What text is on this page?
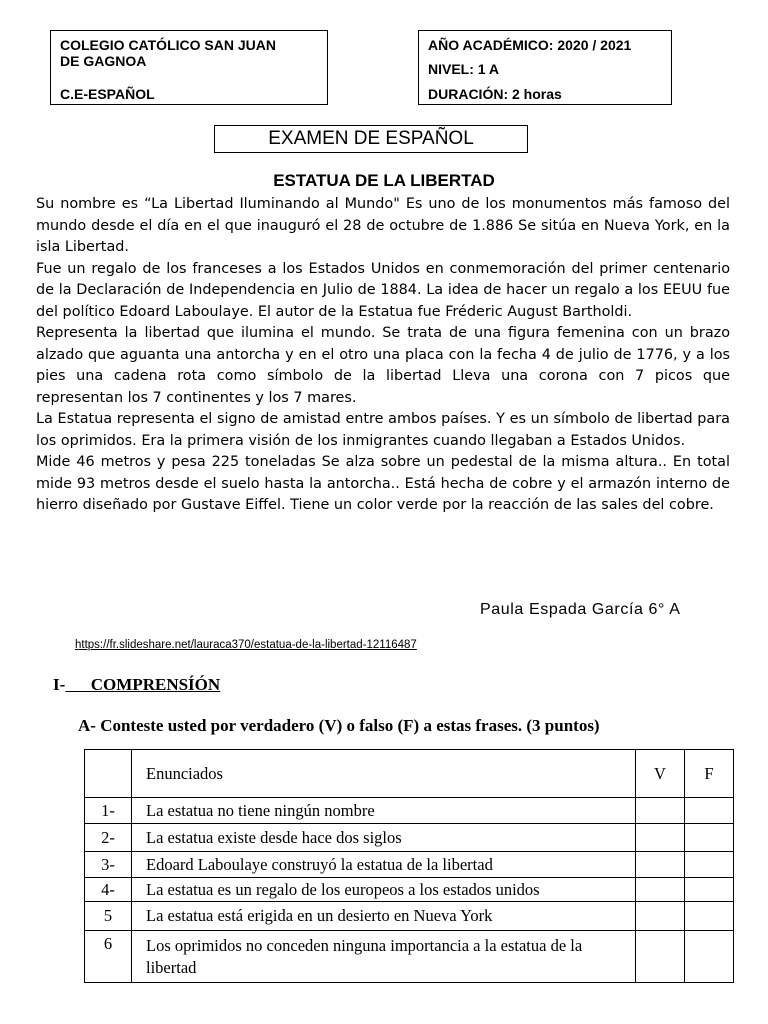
COLEGIO CATÓLICO SAN JUAN
DE GAGNOA
C.E-ESPAÑOL
AÑO ACADÉMICO: 2020 / 2021
NIVEL: 1 A
DURACIÓN: 2 horas
EXAMEN DE ESPAÑOL
ESTATUA DE LA LIBERTAD

Su nombre es “La Libertad Iluminando al Mundo" Es uno de los monumentos más famoso del mundo desde el día en el que inauguró el 28 de octubre de 1.886 Se sitúa en Nueva York, en la isla Libertad.

Fue un regalo de los franceses a los Estados Unidos en conmemoración del primer centenario de la Declaración de Independencia en Julio de 1884. La idea de hacer un regalo a los EEUU fue del político Edoard Laboulaye. El autor de la Estatua fue Fréderic August Bartholdi.

Representa la libertad que ilumina el mundo. Se trata de una figura femenina con un brazo alzado que aguanta una antorcha y en el otro una placa con la fecha 4 de julio de 1776, y a los pies una cadena rota como símbolo de la libertad Lleva una corona con 7 picos que representan los 7 continentes y los 7 mares.

La Estatua representa el signo de amistad entre ambos países. Y es un símbolo de libertad para los oprimidos. Era la primera visión de los inmigrantes cuando llegaban a Estados Unidos.

Mide 46 metros y pesa 225 toneladas Se alza sobre un pedestal de la misma altura.. En total mide 93 metros desde el suelo hasta la antorcha.. Está hecha de cobre y el armazón interno de hierro diseñado por Gustave Eiffel. Tiene un color verde por la reacción de las sales del cobre.

Paula Espada García 6° A
https://fr.slideshare.net/lauraca370/estatua-de-la-libertad-12116487
I- COMPRENSÍÓN
A- Conteste usted por verdadero (V) o falso (F) a estas frases. (3 puntos)
	Enunciados	V	F
1-	La estatua no tiene ningún nombre		
2-	La estatua existe desde hace dos siglos		
3-	Edoard Laboulaye construyó la estatua de la libertad		
4-	La estatua es un regalo de los europeos a los estados unidos		
5	La estatua está erigida en un desierto en Nueva York		
6	Los oprimidos no conceden ninguna importancia a la estatua de la libertad		
